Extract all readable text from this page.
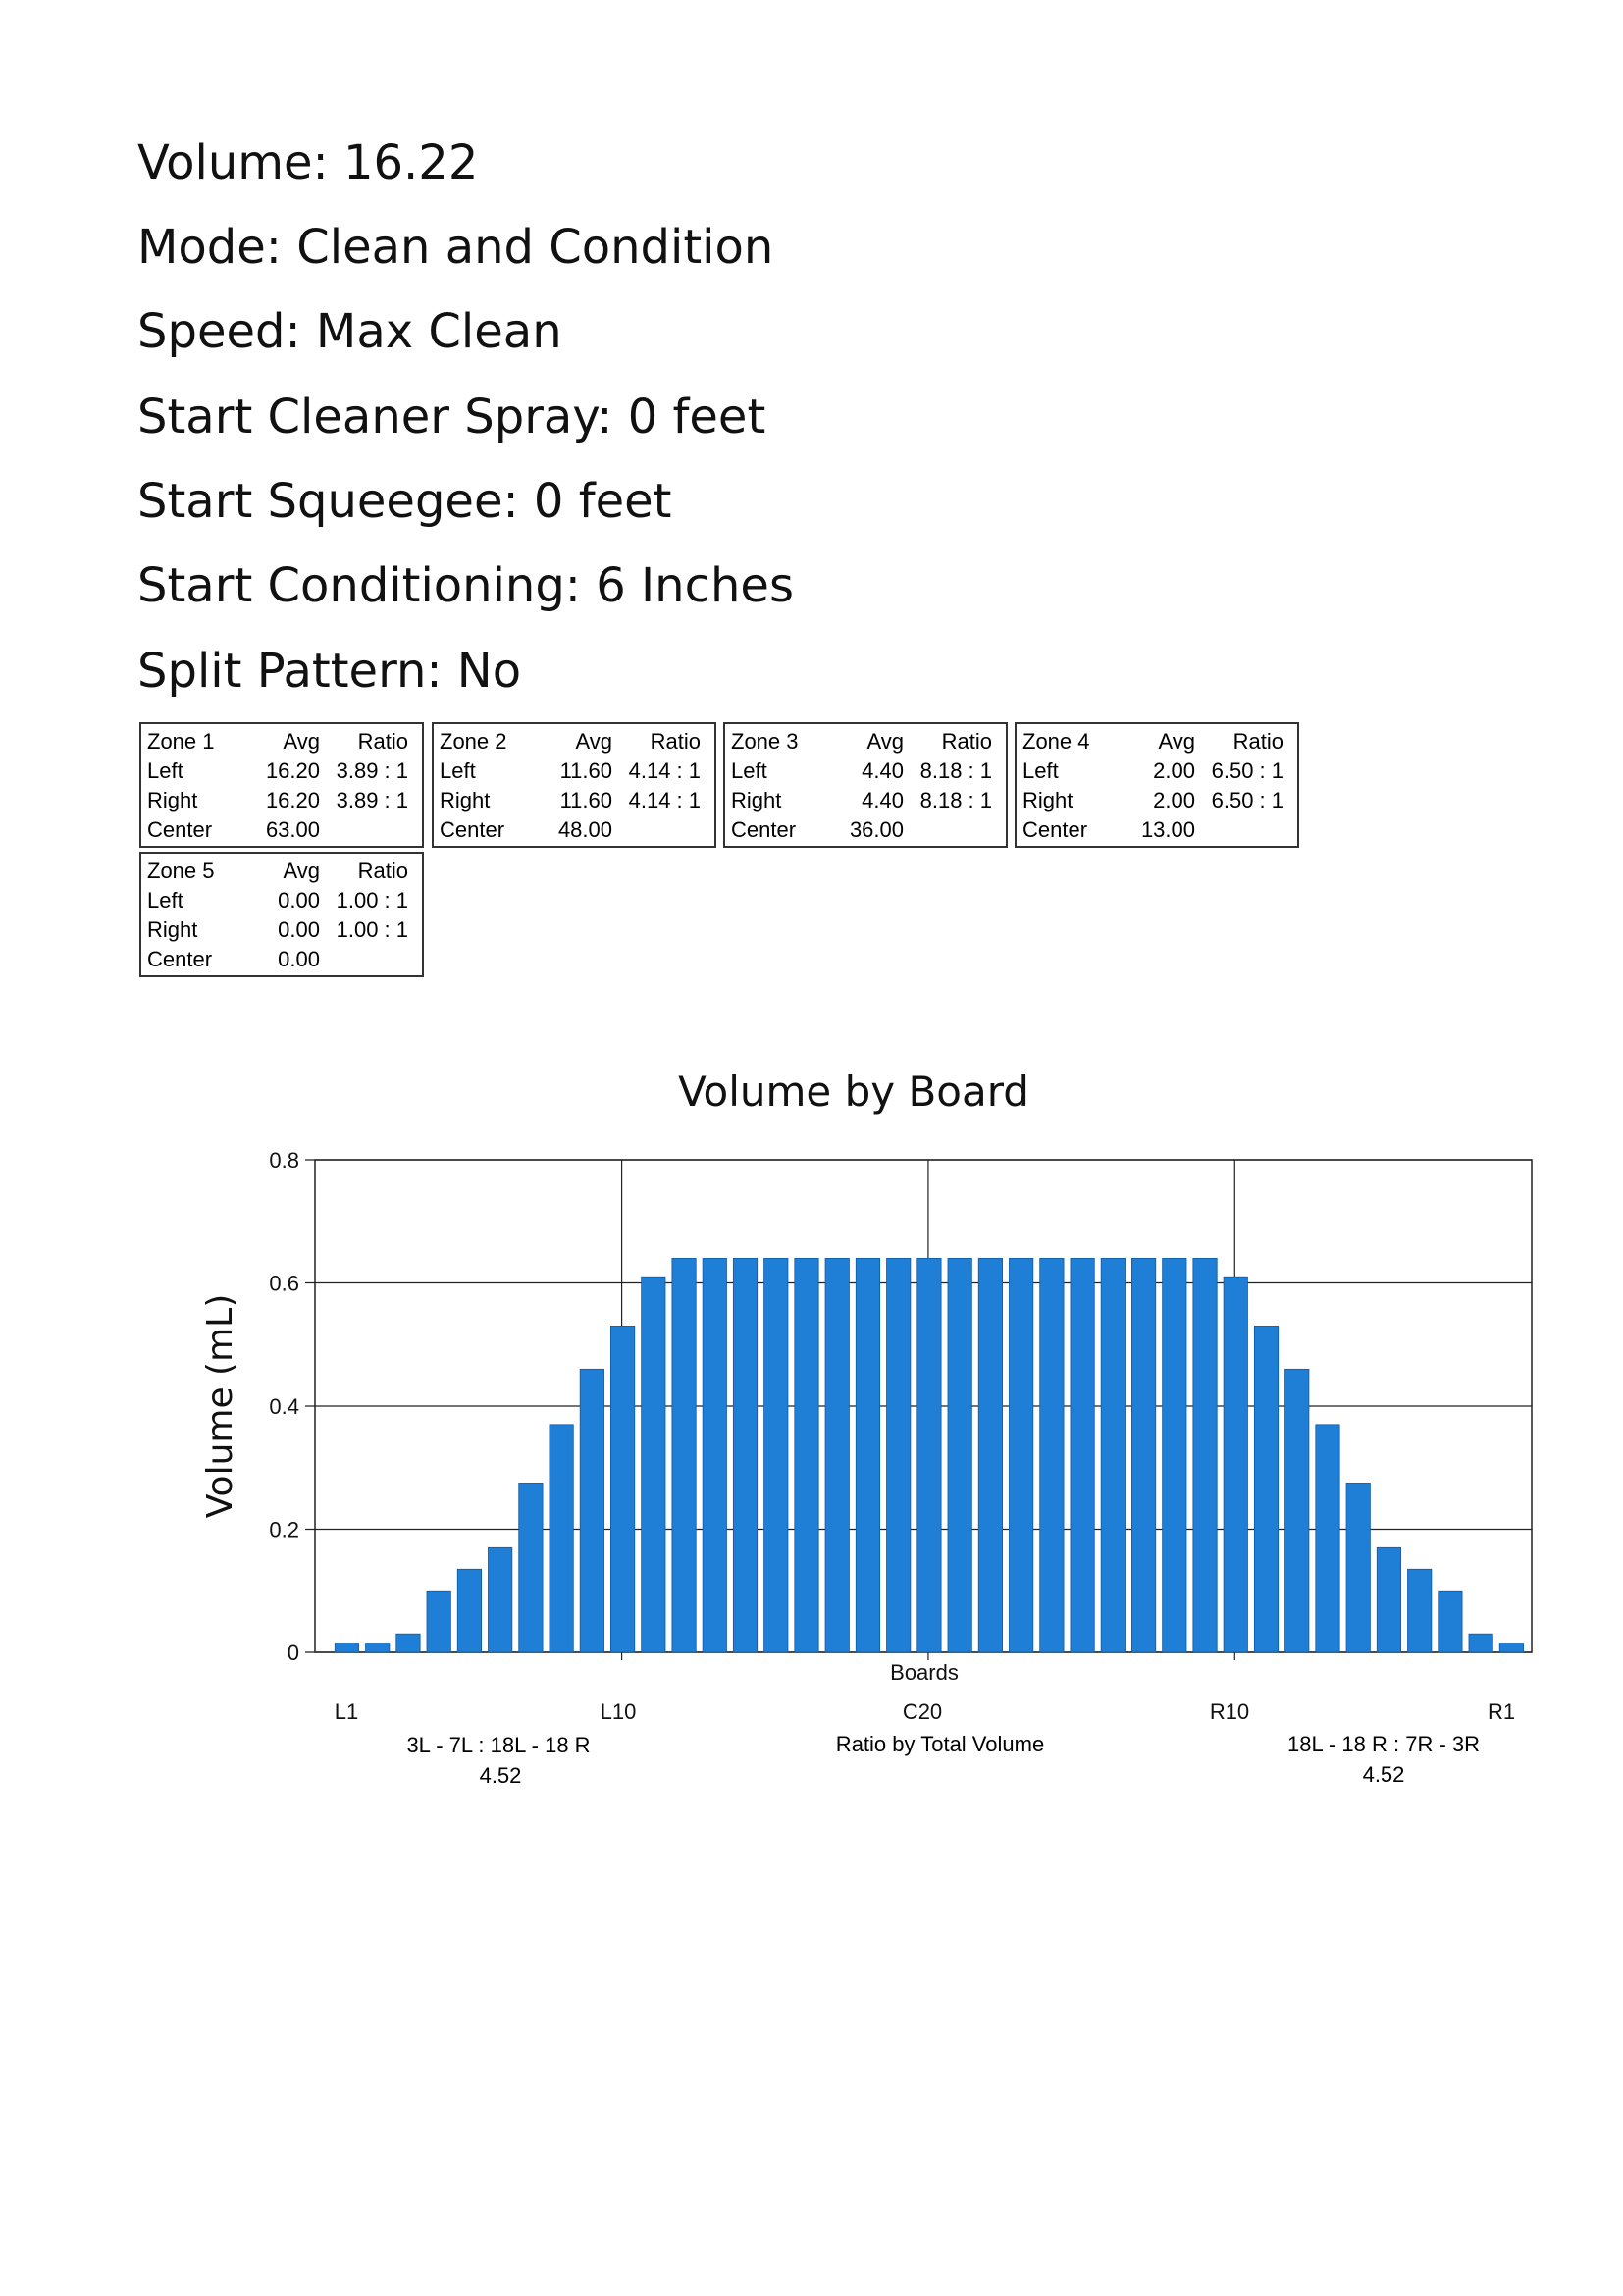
Volume: 16.22
Mode: Clean and Condition
Speed: Max Clean
Start Cleaner Spray: 0 feet
Start Squeegee: 0 feet
Start Conditioning: 6 Inches
Split Pattern: No
Zone 1	Avg Ratio
Left	16.20 3.89 : 1
Right	16.20 3.89 : 1
Center 63.00
Zone 2	Avg Ratio
Left	11.60 4.14 : 1
Right	11.60 4.14 : 1
Center 48.00
Zone 3	Avg Ratio
Left	4.40 8.18 : 1
Right	4.40 8.18 : 1
Center 36.00
Zone 4	Avg Ratio
Left	2.00 6.50 : 1
Right	2.00 6.50 : 1
Center 13.00
Zone 5	Avg Ratio
Left	0.00 1.00 : 1
Right	0.00 1.00 : 1
Center	0.00
Volume by Board
0
0.2
0.4
0.6
0.8
Boards
L1	L10	C20	R10	R1
Volume (mL)
3L - 7L : 18L - 18 R
4.52
Ratio by Total Volume	18L - 18 R : 7R - 3R
4.52
